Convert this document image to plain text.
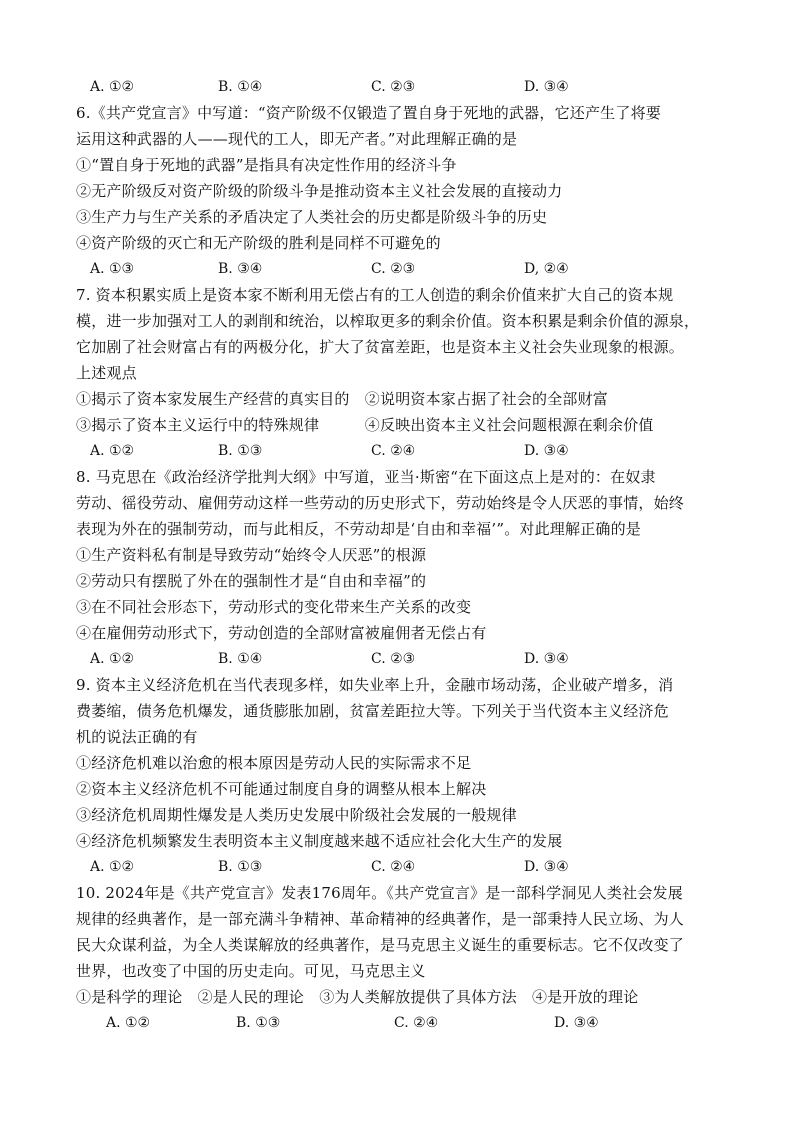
A. ①②	B. ①④	C. ②③	D. ③④
6.《共产党宣言》中写道：“资产阶级不仅锻造了置自身于死地的武器，它还产生了将要
运用这种武器的人——现代的工人，即无产者。”对此理解正确的是
①“置自身于死地的武器”是指具有决定性作用的经济斗争
②无产阶级反对资产阶级的阶级斗争是推动资本主义社会发展的直接动力
③生产力与生产关系的矛盾决定了人类社会的历史都是阶级斗争的历史
④资产阶级的灭亡和无产阶级的胜利是同样不可避免的
A. ①③	B. ③④	C. ②③	D, ②④
7. 资本积累实质上是资本家不断利用无偿占有的工人创造的剩余价值来扩大自己的资本规
模，进一步加强对工人的剥削和统治，以榨取更多的剩余价值。资本积累是剩余价值的源泉，
它加剧了社会财富占有的两极分化，扩大了贫富差距，也是资本主义社会失业现象的根源。
上述观点
①揭示了资本家发展生产经营的真实目的　②说明资本家占据了社会的全部财富
③揭示了资本主义运行中的特殊规律　　　④反映出资本主义社会问题根源在剩余价值
A. ①②	B. ①③	C. ②④	D. ③④
8. 马克思在《政治经济学批判大纲》中写道，亚当·斯密“在下面这点上是对的：在奴隶
劳动、徭役劳动、雇佣劳动这样一些劳动的历史形式下，劳动始终是令人厌恶的事情，始终
表现为外在的强制劳动，而与此相反，不劳动却是‘自由和幸福’”。对此理解正确的是
①生产资料私有制是导致劳动“始终令人厌恶”的根源
②劳动只有摆脱了外在的强制性才是“自由和幸福”的
③在不同社会形态下，劳动形式的变化带来生产关系的改变
④在雇佣劳动形式下，劳动创造的全部财富被雇佣者无偿占有
A. ①②	B. ①④	C. ②③	D. ③④
9. 资本主义经济危机在当代表现多样，如失业率上升，金融市场动荡，企业破产增多，消
费萎缩，债务危机爆发，通货膨胀加剧，贫富差距拉大等。下列关于当代资本主义经济危
机的说法正确的有
①经济危机难以治愈的根本原因是劳动人民的实际需求不足
②资本主义经济危机不可能通过制度自身的调整从根本上解决
③经济危机周期性爆发是人类历史发展中阶级社会发展的一般规律
④经济危机频繁发生表明资本主义制度越来越不适应社会化大生产的发展
A. ①②	B. ①③	C. ②④	D. ③④
10. 2024年是《共产党宣言》发表176周年。《共产党宣言》是一部科学洞见人类社会发展
规律的经典著作，是一部充满斗争精神、革命精神的经典著作，是一部秉持人民立场、为人
民大众谋利益，为全人类谋解放的经典著作，是马克思主义诞生的重要标志。它不仅改变了
世界，也改变了中国的历史走向。可见，马克思主义
①是科学的理论　②是人民的理论　③为人类解放提供了具体方法　④是开放的理论
A. ①②	B. ①③	C. ②④	D. ③④
